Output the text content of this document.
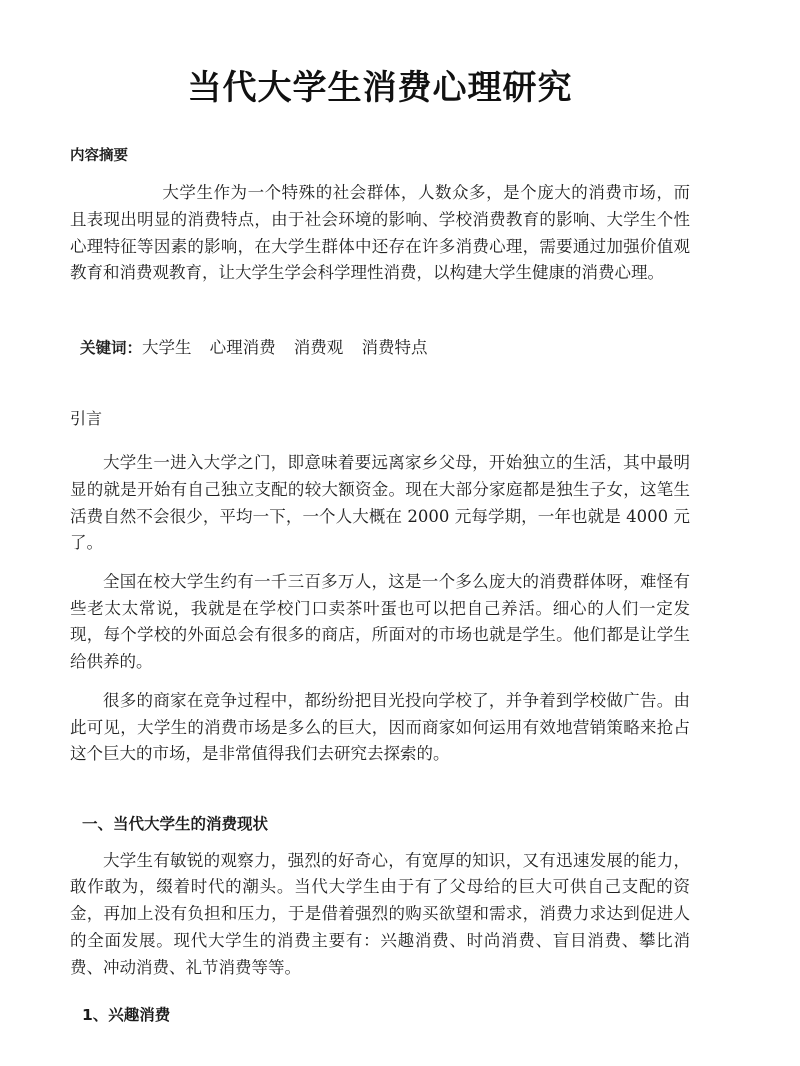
当代大学生消费心理研究
内容摘要

大学生作为一个特殊的社会群体，人数众多，是个庞大的消费市场，而且表现出明显的消费特点，由于社会环境的影响、学校消费教育的影响、大学生个性心理特征等因素的影响，在大学生群体中还存在许多消费心理，需要通过加强价值观教育和消费观教育，让大学生学会科学理性消费，以构建大学生健康的消费心理。

关键词：大学生 心理消费 消费观 消费特点

引言

大学生一进入大学之门，即意味着要远离家乡父母，开始独立的生活，其中最明显的就是开始有自己独立支配的较大额资金。现在大部分家庭都是独生子女，这笔生活费自然不会很少，平均一下，一个人大概在 2000 元每学期，一年也就是 4000 元了。

全国在校大学生约有一千三百多万人，这是一个多么庞大的消费群体呀，难怪有些老太太常说，我就是在学校门口卖茶叶蛋也可以把自己养活。细心的人们一定发现，每个学校的外面总会有很多的商店，所面对的市场也就是学生。他们都是让学生给供养的。

很多的商家在竞争过程中，都纷纷把目光投向学校了，并争着到学校做广告。由此可见，大学生的消费市场是多么的巨大，因而商家如何运用有效地营销策略来抢占这个巨大的市场，是非常值得我们去研究去探索的。

一、当代大学生的消费现状

大学生有敏锐的观察力，强烈的好奇心，有宽厚的知识，又有迅速发展的能力，敢作敢为，缀着时代的潮头。当代大学生由于有了父母给的巨大可供自己支配的资金，再加上没有负担和压力，于是借着强烈的购买欲望和需求，消费力求达到促进人的全面发展。现代大学生的消费主要有：兴趣消费、时尚消费、盲目消费、攀比消费、冲动消费、礼节消费等等。

1、兴趣消费
